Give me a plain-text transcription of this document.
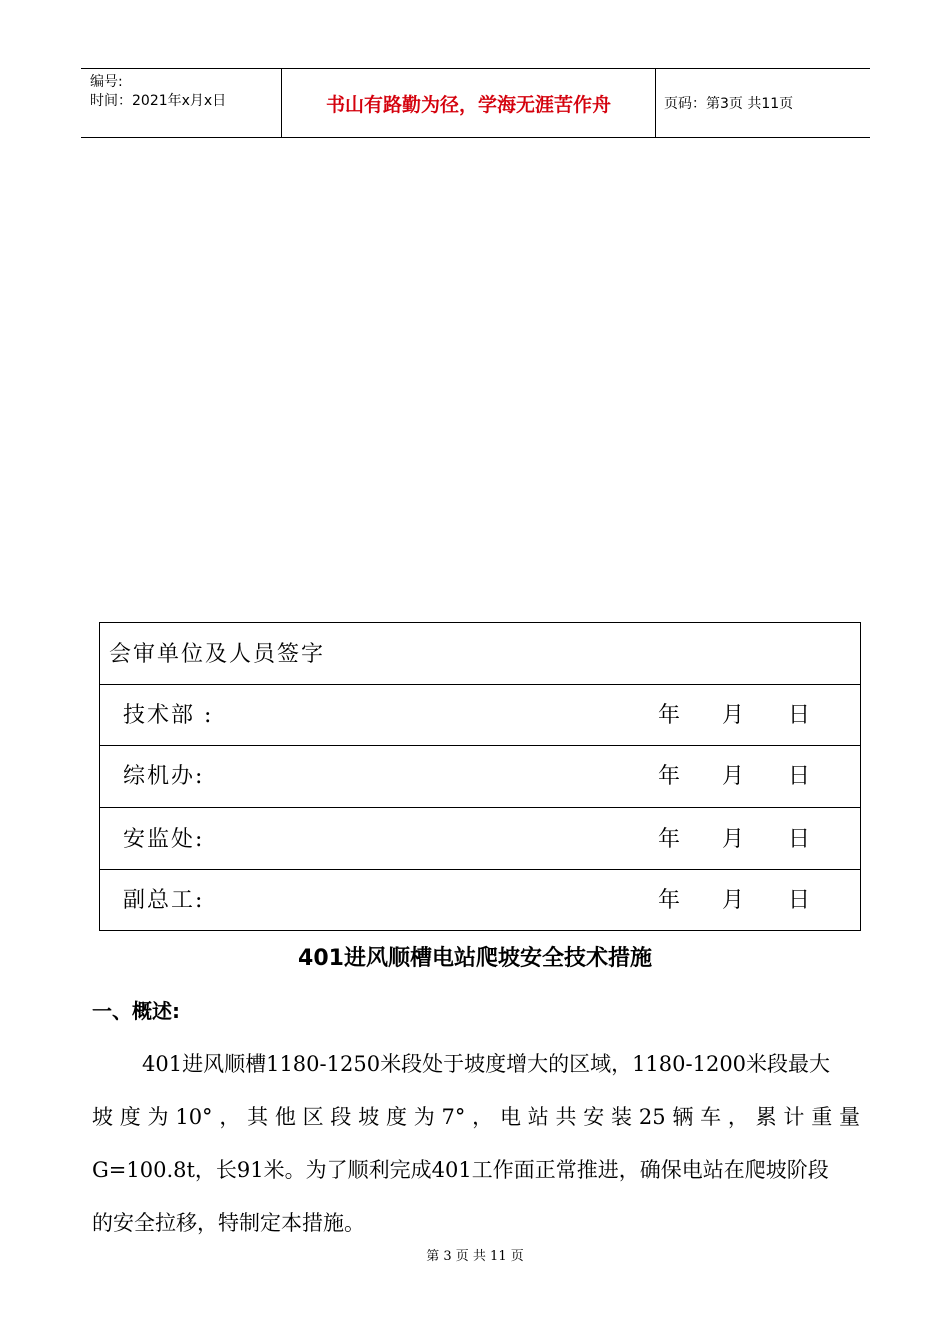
编号:
时间：2021年x月x日	书山有路勤为径，学海无涯苦作舟	页码：第3页 共11页
会审单位及人员签字
技术部 :	年 月 日
综机办:	年 月 日
安监处:	年 月 日
副总工:	年 月 日
401进风顺槽电站爬坡安全技术措施
一、概述:
401进风顺槽1180-1250米段处于坡度增大的区域，1180-1200米段最大
坡度为10°，其他区段坡度为7°，电站共安装25辆车，累计重量
G=100.8t，长91米。为了顺利完成401工作面正常推进，确保电站在爬坡阶段
的安全拉移，特制定本措施。
第 3 页 共 11 页
